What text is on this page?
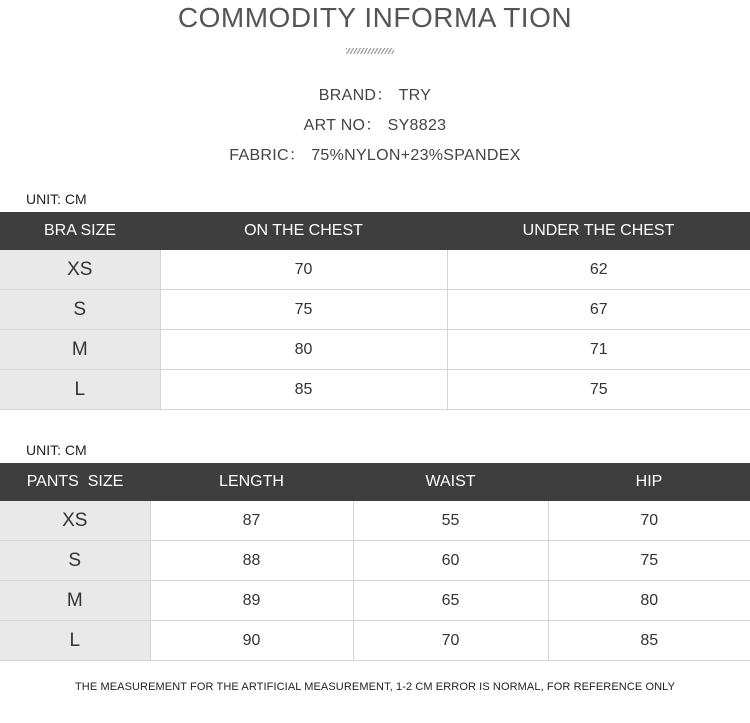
COMMODITY INFORMA TION
BRAND： TRY
ART NO： SY8823
FABRIC： 75%NYLON+23%SPANDEX
UNIT: CM
BRA SIZE	ON THE CHEST	UNDER THE CHEST
XS	70	62
S	75	67
M	80	71
L	85	75
UNIT: CM
PANTS  SIZE	LENGTH	WAIST	HIP
XS	87	55	70
S	88	60	75
M	89	65	80
L	90	70	85
THE MEASUREMENT FOR THE ARTIFICIAL MEASUREMENT, 1-2 CM ERROR IS NORMAL, FOR REFERENCE ONLY
